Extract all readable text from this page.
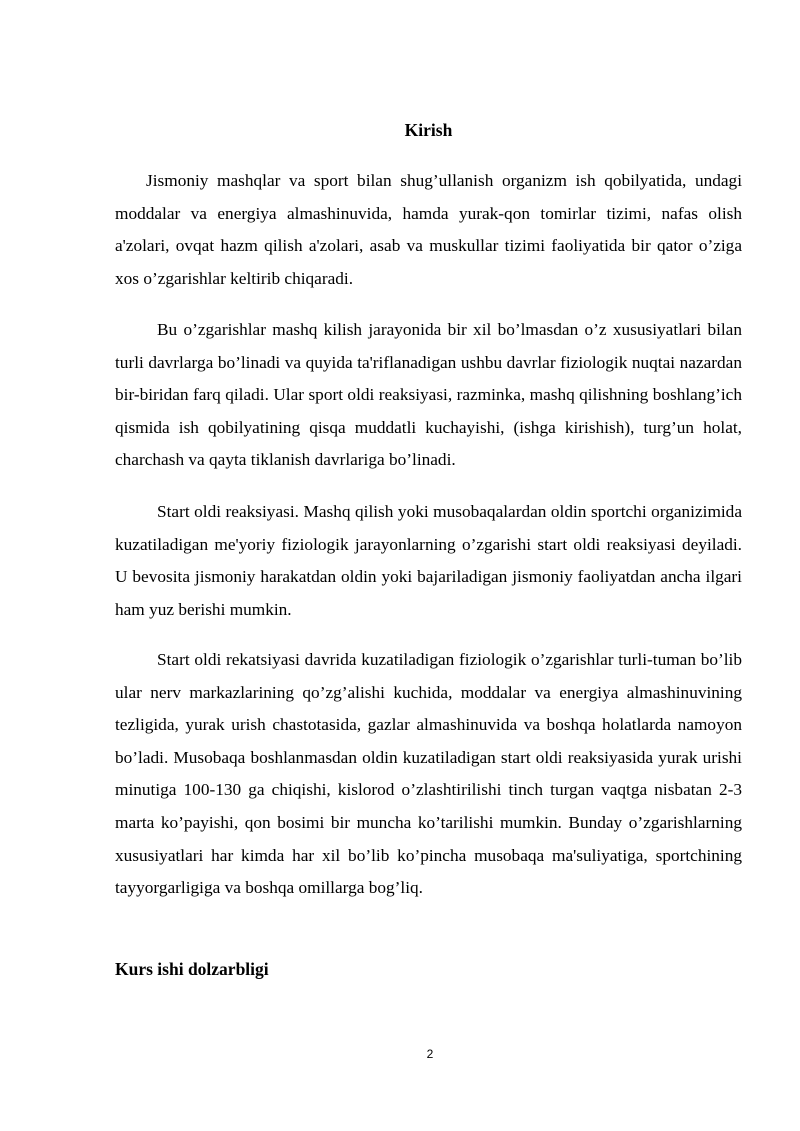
Kirish

Jismoniy mashqlar va sport bilan shug’ullanish organizm ish qobilyatida, undagi moddalar va energiya almashinuvida, hamda yurak-qon tomirlar tizimi, nafas olish a'zolari, ovqat hazm qilish a'zolari, asab va muskullar tizimi faoliyatida bir qator o’ziga xos o’zgarishlar keltirib chiqaradi.

Bu o’zgarishlar mashq kilish jarayonida bir xil bo’lmasdan o’z xususiyatlari bilan turli davrlarga bo’linadi va quyida ta'riflanadigan ushbu davrlar fiziologik nuqtai nazardan bir-biridan farq qiladi. Ular sport oldi reaksiyasi, razminka, mashq qilishning boshlang’ich qismida ish qobilyatining qisqa muddatli kuchayishi, (ishga kirishish), turg’un holat, charchash va qayta tiklanish davrlariga bo’linadi.

Start oldi reaksiyasi. Mashq qilish yoki musobaqalardan oldin sportchi organizimida kuzatiladigan me'yoriy fiziologik jarayonlarning o’zgarishi start oldi reaksiyasi deyiladi. U bevosita jismoniy harakatdan oldin yoki bajariladigan jismoniy faoliyatdan ancha ilgari ham yuz berishi mumkin.

Start oldi rekatsiyasi davrida kuzatiladigan fiziologik o’zgarishlar turli-tuman bo’lib ular nerv markazlarining qo’zg’alishi kuchida, moddalar va energiya almashinuvining tezligida, yurak urish chastotasida, gazlar almashinuvida va boshqa holatlarda namoyon bo’ladi. Musobaqa boshlanmasdan oldin kuzatiladigan start oldi reaksiyasida yurak urishi minutiga 100-130 ga chiqishi, kislorod o’zlashtirilishi tinch turgan vaqtga nisbatan 2-3 marta ko’payishi, qon bosimi bir muncha ko’tarilishi mumkin. Bunday o’zgarishlarning xususiyatlari har kimda har xil bo’lib ko’pincha musobaqa ma'suliyatiga, sportchining tayyorgarligiga va boshqa omillarga bog’liq.

Kurs ishi dolzarbligi
2
